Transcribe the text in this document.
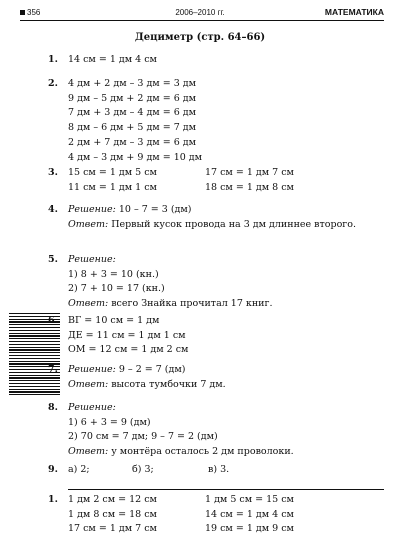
356	2006–2010 гг.	МАТЕМАТИКА
Дециметр (стр. 64–66)
1. 14 см = 1 дм 4 см
2. 4 дм + 2 дм – 3 дм = 3 дм
9 дм – 5 дм + 2 дм = 6 дм
7 дм + 3 дм – 4 дм = 6 дм
8 дм – 6 дм + 5 дм = 7 дм
2 дм + 7 дм – 3 дм = 6 дм
4 дм – 3 дм + 9 дм = 10 дм
3. 15 см = 1 дм 5 см	17 см = 1 дм 7 см
11 см = 1 дм 1 см	18 см = 1 дм 8 см
4. Решение: 10 – 7 = 3 (дм)
Ответ: Первый кусок провода на 3 дм длиннее второго.
5. Решение:
1) 8 + 3 = 10 (кн.)
2) 7 + 10 = 17 (кн.)
Ответ: всего Знайка прочитал 17 книг.
6. ВГ = 10 см = 1 дм
ДЕ = 11 см = 1 дм 1 см
ОМ = 12 см = 1 дм 2 см
7. Решение: 9 – 2 = 7 (дм)
Ответ: высота тумбочки 7 дм.
8. Решение:
1) 6 + 3 = 9 (дм)
2) 70 см = 7 дм; 9 – 7 = 2 (дм)
Ответ: у монтёра осталось 2 дм проволоки.
9. а) 2;	б) 3;	в) 3.
1. 1 дм 2 см = 12 см	1 дм 5 см = 15 см
1 дм 8 см = 18 см	14 см = 1 дм 4 см
17 см = 1 дм 7 см	19 см = 1 дм 9 см
